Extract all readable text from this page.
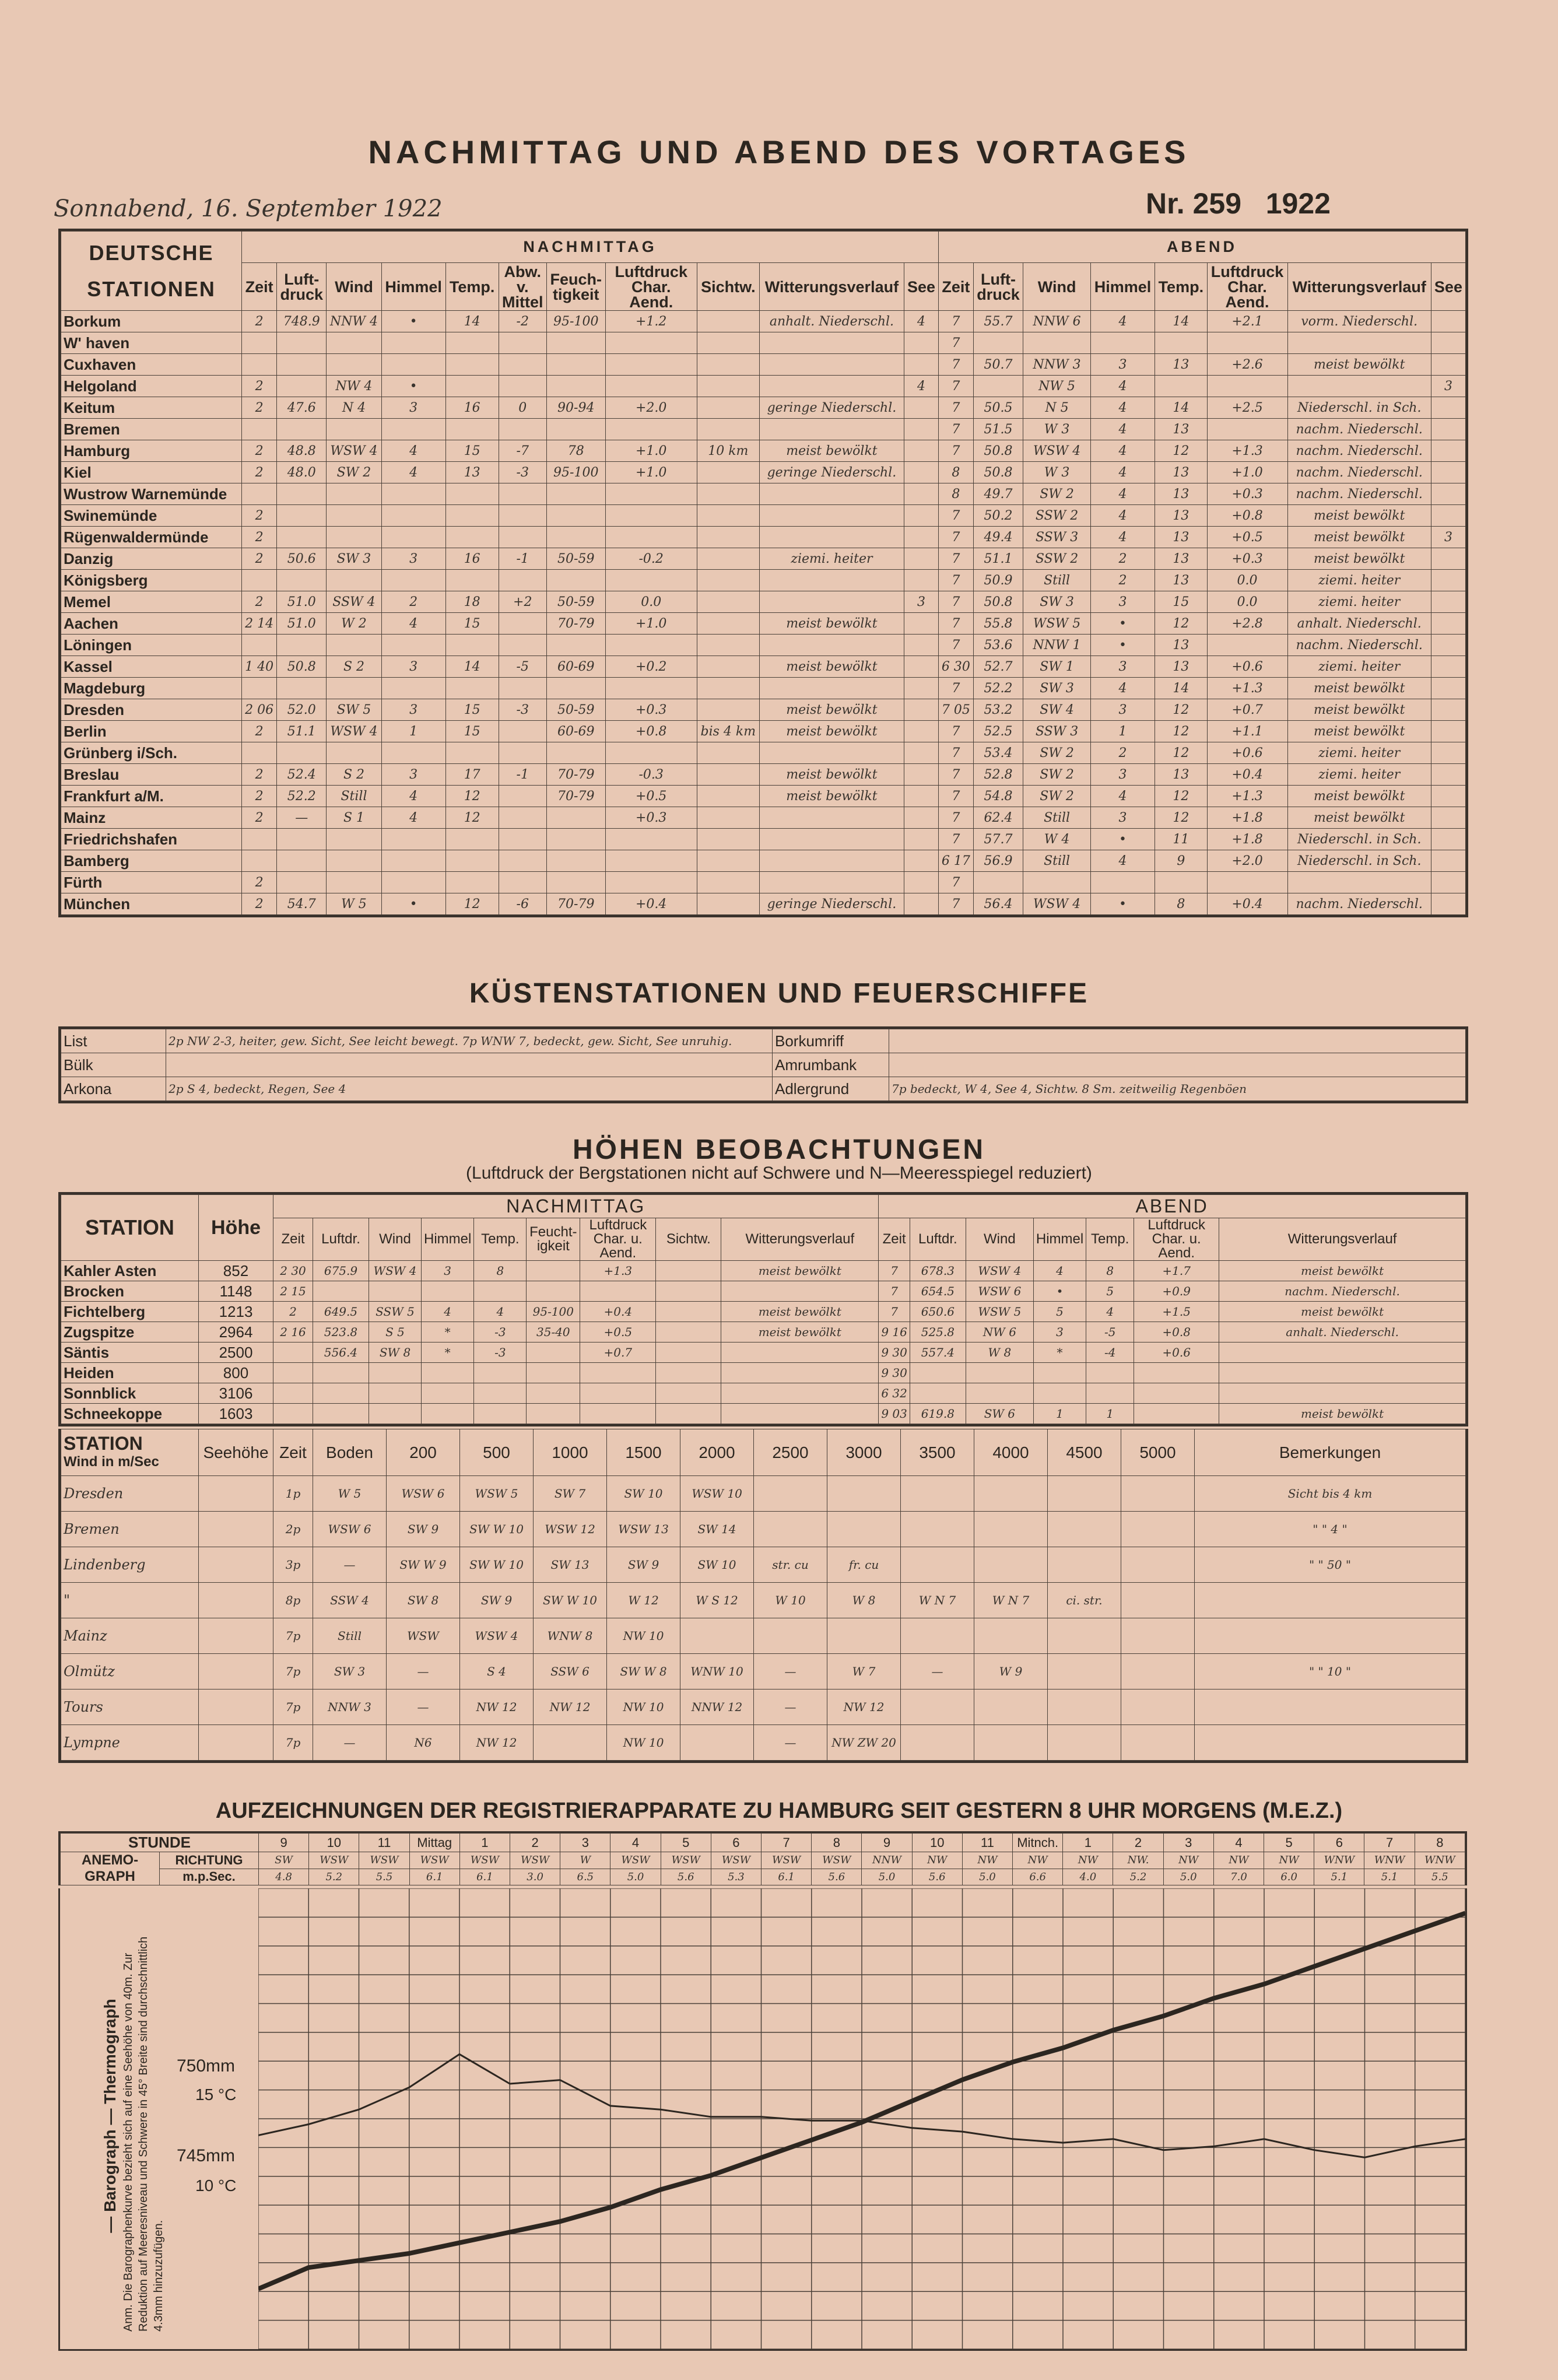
NACHMITTAG UND ABEND DES VORTAGES
Sonnabend, 16. September 1922	Nr. 259 1922
DEUTSCHE
STATIONEN	NACHMITTAG											ABEND							
	Zeit	Luft-druck	Wind	Himmel	Temp.	Abw. v. Mittel	Feuch-tigkeit	Luftdruck Char. Aend.	Sichtw.	Witterungsverlauf	See	Zeit	Luft-druck	Wind	Himmel	Temp.	Luftdruck Char. Aend.	Witterungsverlauf	See
Borkum	2	748.9	NNW 4	•	14	-2	95-100	+1.2		anhalt. Niederschl.	4	7	55.7	NNW 6	4	14	+2.1	vorm. Niederschl.	
W' haven												7							
Cuxhaven												7	50.7	NNW 3	3	13	+2.6	meist bewölkt	
Helgoland	2		NW 4	•							4	7		NW 5	4				3
Keitum	2	47.6	N 4	3	16	0	90-94	+2.0		geringe Niederschl.		7	50.5	N 5	4	14	+2.5	Niederschl. in Sch.	
Bremen												7	51.5	W 3	4	13		nachm. Niederschl.	
Hamburg	2	48.8	WSW 4	4	15	-7	78	+1.0	10 km	meist bewölkt		7	50.8	WSW 4	4	12	+1.3	nachm. Niederschl.	
Kiel	2	48.0	SW 2	4	13	-3	95-100	+1.0		geringe Niederschl.		8	50.8	W 3	4	13	+1.0	nachm. Niederschl.	
Wustrow Warnemünde												8	49.7	SW 2	4	13	+0.3	nachm. Niederschl.	
Swinemünde	2											7	50.2	SSW 2	4	13	+0.8	meist bewölkt	
Rügenwaldermünde	2											7	49.4	SSW 3	4	13	+0.5	meist bewölkt	3
Danzig	2	50.6	SW 3	3	16	-1	50-59	-0.2		ziemi. heiter		7	51.1	SSW 2	2	13	+0.3	meist bewölkt	
Königsberg												7	50.9	Still	2	13	0.0	ziemi. heiter	
Memel	2	51.0	SSW 4	2	18	+2	50-59	0.0			3	7	50.8	SW 3	3	15	0.0	ziemi. heiter	
Aachen	2 14	51.0	W 2	4	15		70-79	+1.0		meist bewölkt		7	55.8	WSW 5	•	12	+2.8	anhalt. Niederschl.	
Löningen												7	53.6	NNW 1	•	13		nachm. Niederschl.	
Kassel	1 40	50.8	S 2	3	14	-5	60-69	+0.2		meist bewölkt		6 30	52.7	SW 1	3	13	+0.6	ziemi. heiter	
Magdeburg												7	52.2	SW 3	4	14	+1.3	meist bewölkt	
Dresden	2 06	52.0	SW 5	3	15	-3	50-59	+0.3		meist bewölkt		7 05	53.2	SW 4	3	12	+0.7	meist bewölkt	
Berlin	2	51.1	WSW 4	1	15		60-69	+0.8	bis 4 km	meist bewölkt		7	52.5	SSW 3	1	12	+1.1	meist bewölkt	
Grünberg i/Sch.												7	53.4	SW 2	2	12	+0.6	ziemi. heiter	
Breslau	2	52.4	S 2	3	17	-1	70-79	-0.3		meist bewölkt		7	52.8	SW 2	3	13	+0.4	ziemi. heiter	
Frankfurt a/M.	2	52.2	Still	4	12		70-79	+0.5		meist bewölkt		7	54.8	SW 2	4	12	+1.3	meist bewölkt	
Mainz	2	—	S 1	4	12			+0.3				7	62.4	Still	3	12	+1.8	meist bewölkt	
Friedrichshafen												7	57.7	W 4	•	11	+1.8	Niederschl. in Sch.	
Bamberg												6 17	56.9	Still	4	9	+2.0	Niederschl. in Sch.	
Fürth	2											7							
München	2	54.7	W 5	•	12	-6	70-79	+0.4		geringe Niederschl.		7	56.4	WSW 4	•	8	+0.4	nachm. Niederschl.	
KÜSTENSTATIONEN UND FEUERSCHIFFE
List	2p NW 2-3, heiter, gew. Sicht, See leicht bewegt. 7p WNW 7, bedeckt, gew. Sicht, See unruhig.	Borkumriff	
Bülk		Amrumbank	
Arkona	2p S 4, bedeckt, Regen, See 4	Adlergrund	7p bedeckt, W 4, See 4, Sichtw. 8 Sm. zeitweilig Regenböen
HÖHEN BEOBACHTUNGEN
(Luftdruck der Bergstationen nicht auf Schwere und N—Meeresspiegel reduziert)
STATION	Höhe	NACHMITTAG									ABEND						
		Zeit	Luftdr.	Wind	Himmel	Temp.	Feucht-igkeit	Luftdruck Char. u. Aend.	Sichtw.	Witterungsverlauf	Zeit	Luftdr.	Wind	Himmel	Temp.	Luftdruck Char. u. Aend.	Witterungsverlauf
Kahler Asten	852	2 30	675.9	WSW 4	3	8		+1.3		meist bewölkt	7	678.3	WSW 4	4	8	+1.7	meist bewölkt
Brocken	1148	2 15									7	654.5	WSW 6	•	5	+0.9	nachm. Niederschl.
Fichtelberg	1213	2	649.5	SSW 5	4	4	95-100	+0.4		meist bewölkt	7	650.6	WSW 5	5	4	+1.5	meist bewölkt
Zugspitze	2964	2 16	523.8	S 5	*	-3	35-40	+0.5		meist bewölkt	9 16	525.8	NW 6	3	-5	+0.8	anhalt. Niederschl.
Säntis	2500		556.4	SW 8	*	-3		+0.7			9 30	557.4	W 8	*	-4	+0.6	
Heiden	800										9 30						
Sonnblick	3106										6 32						
Schneekoppe	1603										9 03	619.8	SW 6	1	1		meist bewölkt
STATION
Wind in m/Sec	Seehöhe	Zeit	Boden	200	500	1000	1500	2000	2500	3000	3500	4000	4500	5000	Bemerkungen
Dresden		1p	W 5	WSW 6	WSW 5	SW 7	SW 10	WSW 10							Sicht bis 4 km
Bremen		2p	WSW 6	SW 9	SW W 10	WSW 12	WSW 13	SW 14							" " 4 "
Lindenberg		3p	—	SW W 9	SW W 10	SW 13	SW 9	SW 10	str. cu	fr. cu					" " 50 "
"		8p	SSW 4	SW 8	SW 9	SW W 10	W 12	W S 12	W 10	W 8	W N 7	W N 7	ci. str.		
Mainz		7p	Still	WSW	WSW 4	WNW 8	NW 10								
Olmütz		7p	SW 3	—	S 4	SSW 6	SW W 8	WNW 10	—	W 7	—	W 9			" " 10 "
Tours		7p	NNW 3	—	NW 12	NW 12	NW 10	NNW 12	—	NW 12					
Lympne		7p	—	N6	NW 12		NW 10		—	NW ZW 20					
AUFZEICHNUNGEN DER REGISTRIERAPPARATE ZU HAMBURG SEIT GESTERN 8 UHR MORGENS (M.E.Z.)
STUNDE		9	10	11	Mittag	1	2	3	4	5	6	7	8	9	10	11	Mitnch.	1	2	3	4	5	6	7	8
ANEMO-GRAPH	RICHTUNG	SW	WSW	WSW	WSW	WSW	WSW	W	WSW	WSW	WSW	WSW	WSW	NNW	NW	NW	NW	NW	NW.	NW	NW	NW	WNW	WNW	WNW
	m.p.Sec.	4.8	5.2	5.5	6.1	6.1	3.0	6.5	5.0	5.6	5.3	6.1	5.6	5.0	5.6	5.0	6.6	4.0	5.2	5.0	7.0	6.0	5.1	5.1	5.5
— Barograph — Thermograph Anm. Die Barographenkurve bezieht sich auf eine Seehöhe von 40m. Zur Reduktion auf Meeresniveau und Schwere in 45° Breite sind durchschnittlich 4.3mm hinzuzufügen.
750mm
15 °C
745mm
10 °C
